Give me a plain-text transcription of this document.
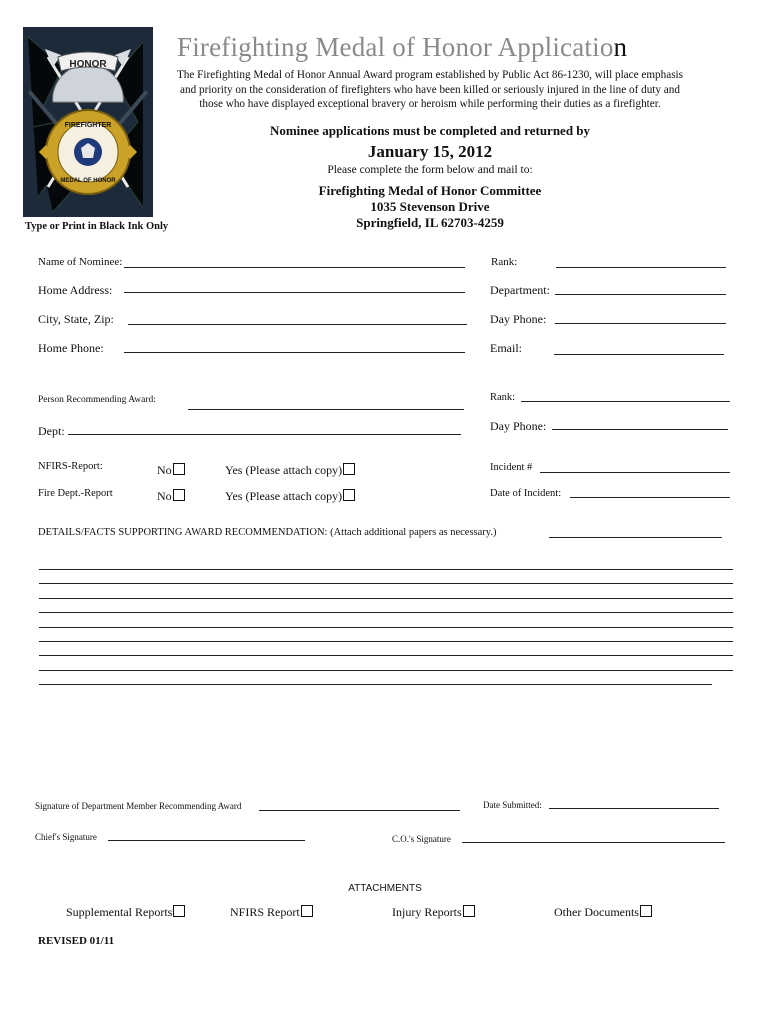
HONOR
FIREFIGHTER
MEDAL OF HONOR
Firefighting Medal of Honor Application
The Firefighting Medal of Honor Annual Award program established by Public Act 86-1230, will place emphasis and priority on the consideration of firefighters who have been killed or seriously injured in the line of duty and those who have displayed exceptional bravery or heroism while performing their duties as a firefighter.
Nominee applications must be completed and returned by
January 15, 2012
Please complete the form below and mail to:
Firefighting Medal of Honor Committee
1035 Stevenson Drive
Springfield, IL 62703-4259
Type or Print in Black Ink Only
Name of Nominee:	Rank:
Home Address:	Department:
City, State, Zip:	Day Phone:
Home Phone:	Email:
Person Recommending Award:	Rank:
Dept:	Day Phone:
NFIRS-Report:	No	Yes (Please attach copy)	Incident #
Fire Dept.-Report	No	Yes (Please attach copy)	Date of Incident:
DETAILS/FACTS SUPPORTING AWARD RECOMMENDATION: (Attach additional papers as necessary.)
Signature of Department Member Recommending Award	Date Submitted:
Chief's Signature	C.O.'s Signature
ATTACHMENTS
Supplemental Reports	NFIRS Report	Injury Reports	Other Documents
REVISED 01/11
